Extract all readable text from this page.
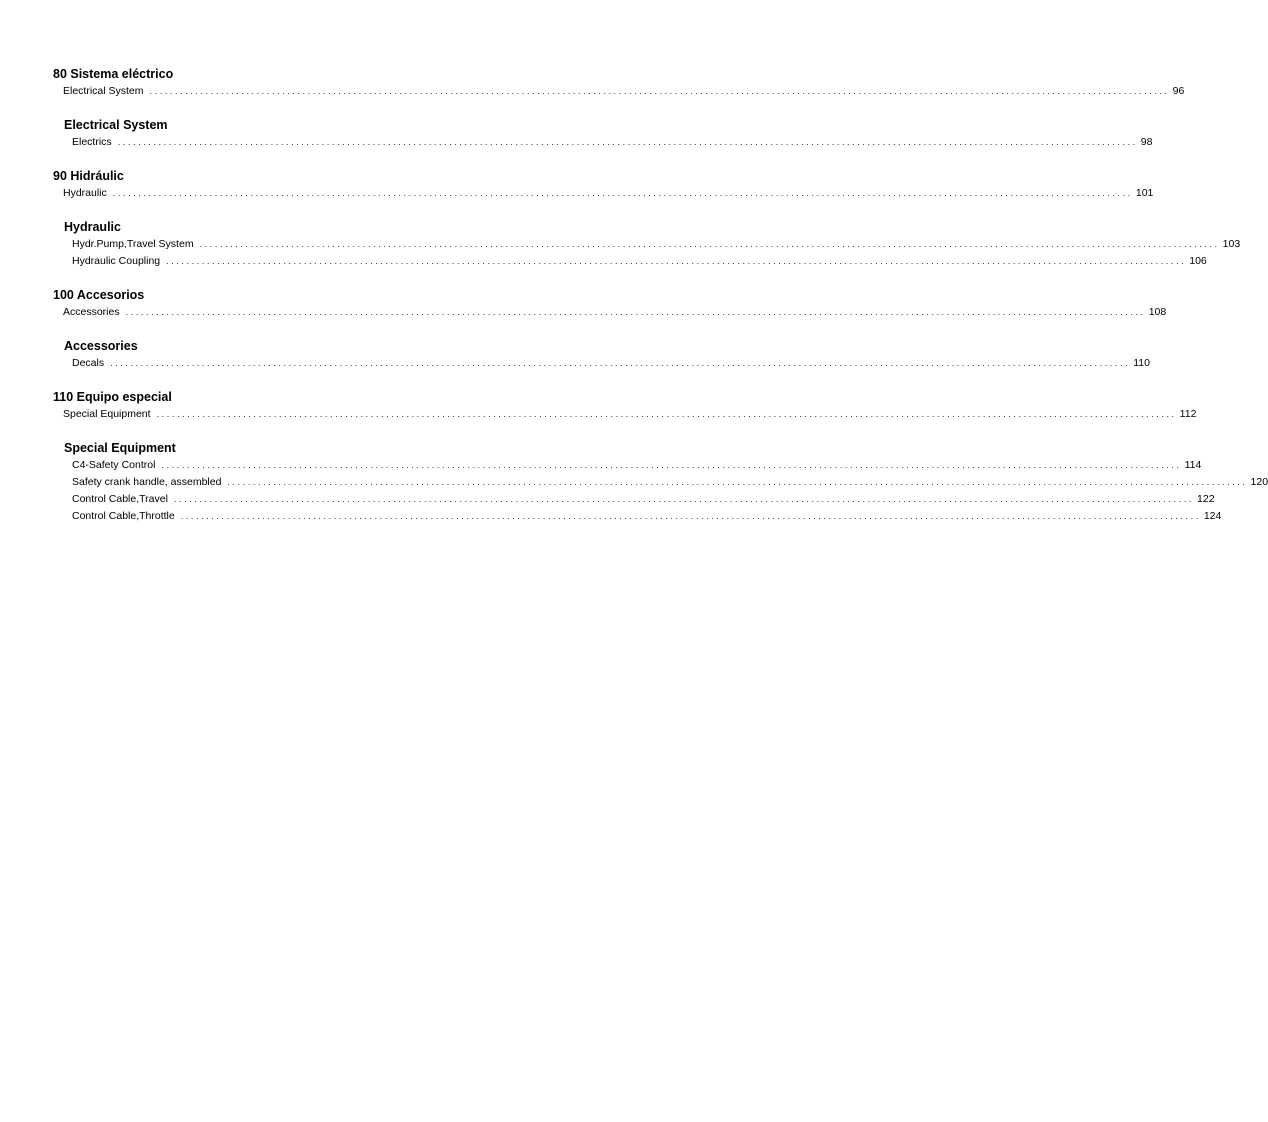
80 Sistema eléctrico
Electrical System ........................................................................................................................................................................................................ 96
Electrical System
Electrics ........................................................................................................................................................................................................ 98
90 Hidráulic
Hydraulic ........................................................................................................................................................................................................ 101
Hydraulic
Hydr.Pump,Travel System ........................................................................................................................................................................................................ 103
Hydraulic Coupling ........................................................................................................................................................................................................ 106
100 Accesorios
Accessories ........................................................................................................................................................................................................ 108
Accessories
Decals ........................................................................................................................................................................................................ 110
110 Equipo especial
Special Equipment ........................................................................................................................................................................................................ 112
Special Equipment
C4-Safety Control ........................................................................................................................................................................................................ 114
Safety crank handle, assembled ........................................................................................................................................................................................................ 120
Control Cable,Travel ........................................................................................................................................................................................................ 122
Control Cable,Throttle ........................................................................................................................................................................................................ 124
